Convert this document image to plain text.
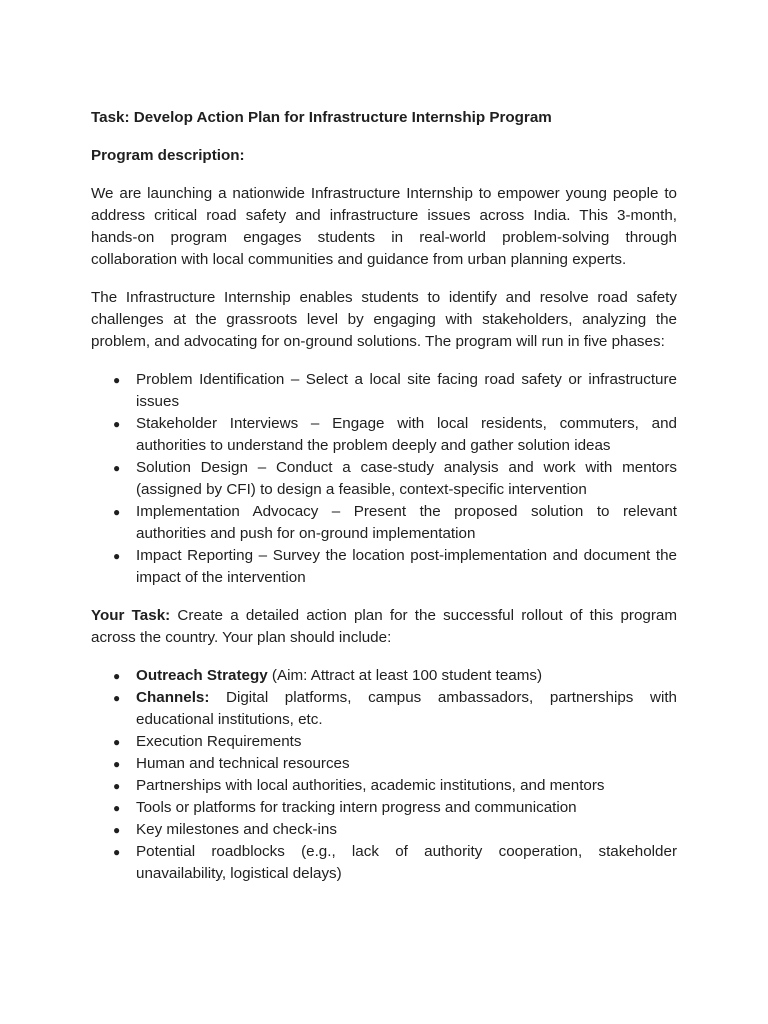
Task: Develop Action Plan for Infrastructure Internship Program
Program description:

We are launching a nationwide Infrastructure Internship to empower young people to address critical road safety and infrastructure issues across India. This 3-month, hands-on program engages students in real-world problem-solving through collaboration with local communities and guidance from urban planning experts.

The Infrastructure Internship enables students to identify and resolve road safety challenges at the grassroots level by engaging with stakeholders, analyzing the problem, and advocating for on-ground solutions. The program will run in five phases:

● Problem Identification – Select a local site facing road safety or infrastructure issues
● Stakeholder Interviews – Engage with local residents, commuters, and authorities to understand the problem deeply and gather solution ideas
● Solution Design – Conduct a case-study analysis and work with mentors (assigned by CFI) to design a feasible, context-specific intervention
● Implementation Advocacy – Present the proposed solution to relevant authorities and push for on-ground implementation
● Impact Reporting – Survey the location post-implementation and document the impact of the intervention

Your Task: Create a detailed action plan for the successful rollout of this program across the country. Your plan should include:

● Outreach Strategy (Aim: Attract at least 100 student teams)
● Channels: Digital platforms, campus ambassadors, partnerships with educational institutions, etc.
● Execution Requirements
● Human and technical resources
● Partnerships with local authorities, academic institutions, and mentors
● Tools or platforms for tracking intern progress and communication
● Key milestones and check-ins
● Potential roadblocks (e.g., lack of authority cooperation, stakeholder unavailability, logistical delays)
